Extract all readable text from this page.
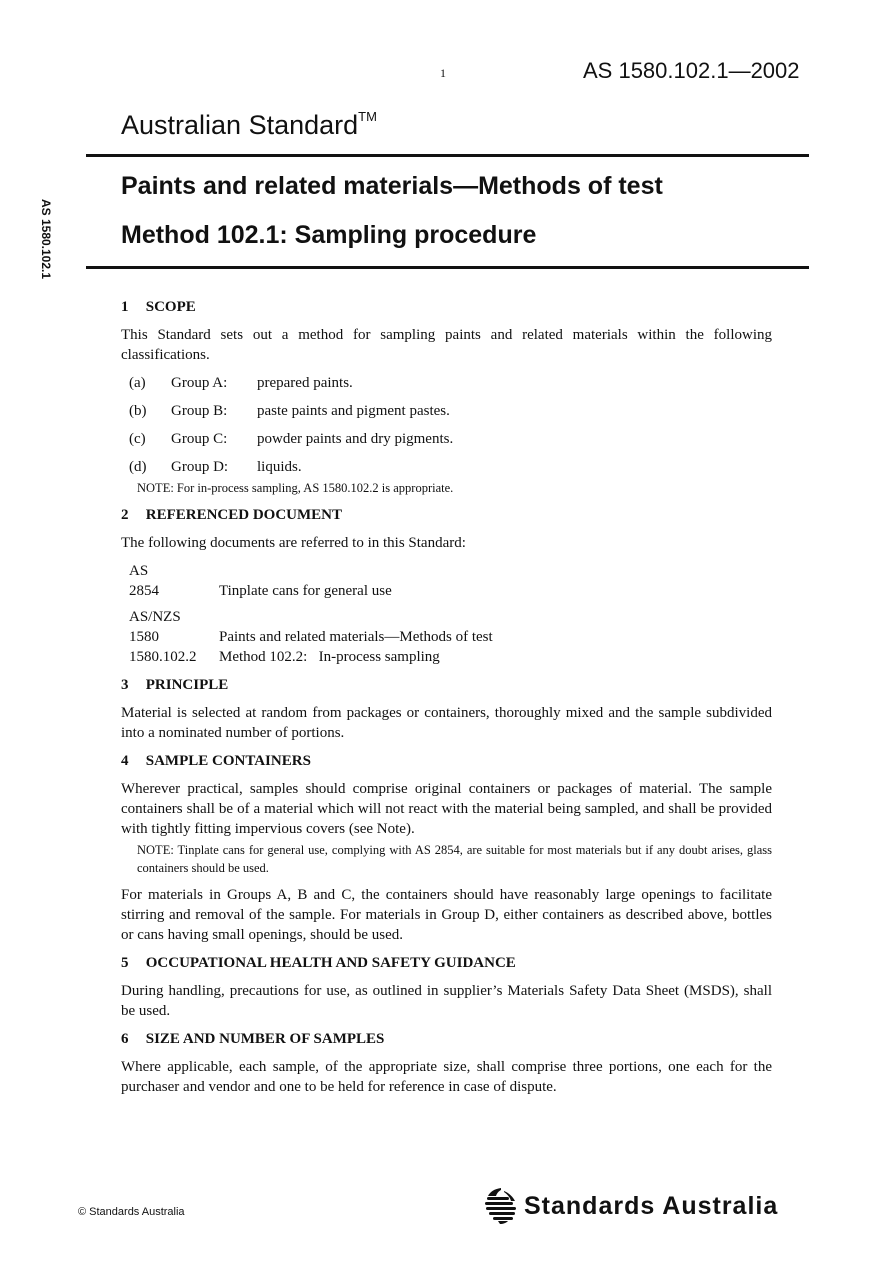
1	AS 1580.102.1—2002
Australian Standard™
Paints and related materials—Methods of test
Method 102.1: Sampling procedure
AS 1580.102.1
1 SCOPE

This Standard sets out a method for sampling paints and related materials within the following classifications.

(a)	Group A:	prepared paints.
(b)	Group B:	paste paints and pigment pastes.
(c)	Group C:	powder paints and dry pigments.
(d)	Group D:	liquids.
NOTE: For in-process sampling, AS 1580.102.2 is appropriate.
2 REFERENCED DOCUMENT

The following documents are referred to in this Standard:

AS
2854	Tinplate cans for general use
AS/NZS
1580	Paints and related materials—Methods of test
1580.102.2	Method 102.2:   In-process sampling
3 PRINCIPLE

Material is selected at random from packages or containers, thoroughly mixed and the sample subdivided into a nominated number of portions.

4 SAMPLE CONTAINERS

Wherever practical, samples should comprise original containers or packages of material. The sample containers shall be of a material which will not react with the material being sampled, and shall be provided with tightly fitting impervious covers (see Note).

NOTE: Tinplate cans for general use, complying with AS 2854, are suitable for most materials but if any doubt arises, glass containers should be used.

For materials in Groups A, B and C, the containers should have reasonably large openings to facilitate stirring and removal of the sample. For materials in Group D, either containers as described above, bottles or cans having small openings, should be used.

5 OCCUPATIONAL HEALTH AND SAFETY GUIDANCE

During handling, precautions for use, as outlined in supplier’s Materials Safety Data Sheet (MSDS), shall be used.

6 SIZE AND NUMBER OF SAMPLES

Where applicable, each sample, of the appropriate size, shall comprise three portions, one each for the purchaser and vendor and one to be held for reference in case of dispute.

© Standards Australia	Standards Australia
